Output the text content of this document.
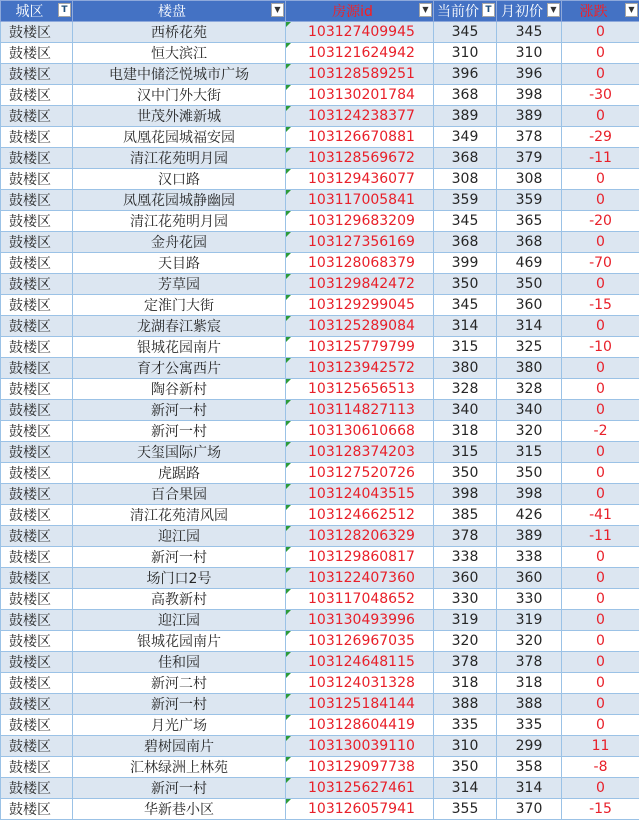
城区 T	楼盘 ▼	房源id ▼	当前价 T	月初价 ▼	涨跌 ▼

鼓楼区	西桥花苑	103127409945	345	345	0
鼓楼区	恒大滨江	103121624942	310	310	0
鼓楼区	电建中储泛悦城市广场	103128589251	396	396	0
鼓楼区	汉中门外大街	103130201784	368	398	-30
鼓楼区	世茂外滩新城	103124238377	389	389	0
鼓楼区	凤凰花园城福安园	103126670881	349	378	-29
鼓楼区	清江花苑明月园	103128569672	368	379	-11
鼓楼区	汉口路	103129436077	308	308	0
鼓楼区	凤凰花园城静幽园	103117005841	359	359	0
鼓楼区	清江花苑明月园	103129683209	345	365	-20
鼓楼区	金舟花园	103127356169	368	368	0
鼓楼区	天目路	103128068379	399	469	-70
鼓楼区	芳草园	103129842472	350	350	0
鼓楼区	定淮门大街	103129299045	345	360	-15
鼓楼区	龙湖春江紫宸	103125289084	314	314	0
鼓楼区	银城花园南片	103125779799	315	325	-10
鼓楼区	育才公寓西片	103123942572	380	380	0
鼓楼区	陶谷新村	103125656513	328	328	0
鼓楼区	新河一村	103114827113	340	340	0
鼓楼区	新河一村	103130610668	318	320	-2
鼓楼区	天玺国际广场	103128374203	315	315	0
鼓楼区	虎踞路	103127520726	350	350	0
鼓楼区	百合果园	103124043515	398	398	0
鼓楼区	清江花苑清风园	103124662512	385	426	-41
鼓楼区	迎江园	103128206329	378	389	-11
鼓楼区	新河一村	103129860817	338	338	0
鼓楼区	场门口2号	103122407360	360	360	0
鼓楼区	高教新村	103117048652	330	330	0
鼓楼区	迎江园	103130493996	319	319	0
鼓楼区	银城花园南片	103126967035	320	320	0
鼓楼区	佳和园	103124648115	378	378	0
鼓楼区	新河二村	103124031328	318	318	0
鼓楼区	新河一村	103125184144	388	388	0
鼓楼区	月光广场	103128604419	335	335	0
鼓楼区	碧树园南片	103130039110	310	299	11
鼓楼区	汇林绿洲上林苑	103129097738	350	358	-8
鼓楼区	新河一村	103125627461	314	314	0
鼓楼区	华新巷小区	103126057941	355	370	-15
